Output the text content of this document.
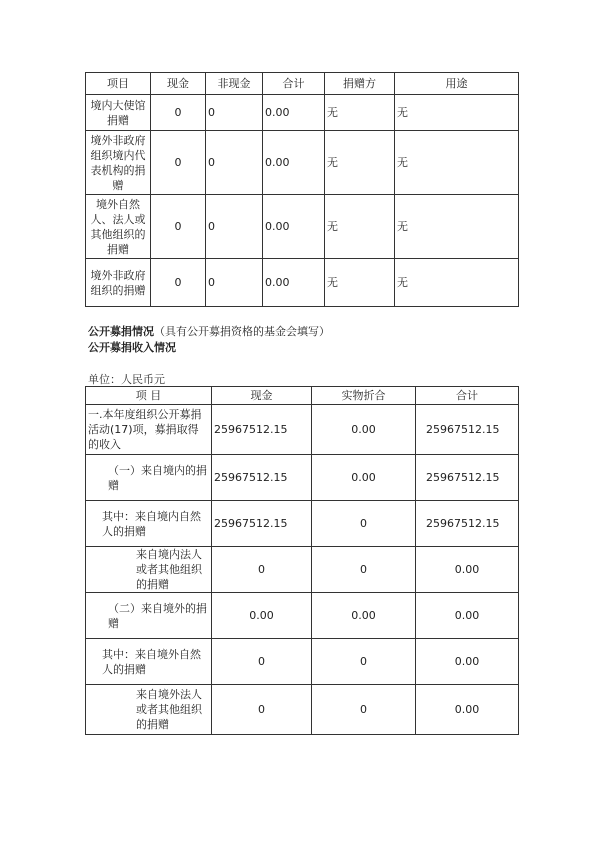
项目	现金	非现金	合计	捐赠方	用途
境内大使馆捐赠	0	0	0.00	无	无
境外非政府组织境内代表机构的捐赠	0	0	0.00	无	无
境外自然人、法人或其他组织的捐赠	0	0	0.00	无	无
境外非政府组织的捐赠	0	0	0.00	无	无
公开募捐情况（具有公开募捐资格的基金会填写）
公开募捐收入情况
单位：人民币元
项 目	现金	实物折合	合计
一.本年度组织公开募捐活动(17)项，募捐取得的收入	25967512.15	0.00	25967512.15
（一）来自境内的捐赠	25967512.15	0.00	25967512.15
其中：来自境内自然人的捐赠	25967512.15	0	25967512.15
来自境内法人或者其他组织的捐赠	0	0	0.00
（二）来自境外的捐赠	0.00	0.00	0.00
其中：来自境外自然人的捐赠	0	0	0.00
来自境外法人或者其他组织的捐赠	0	0	0.00
